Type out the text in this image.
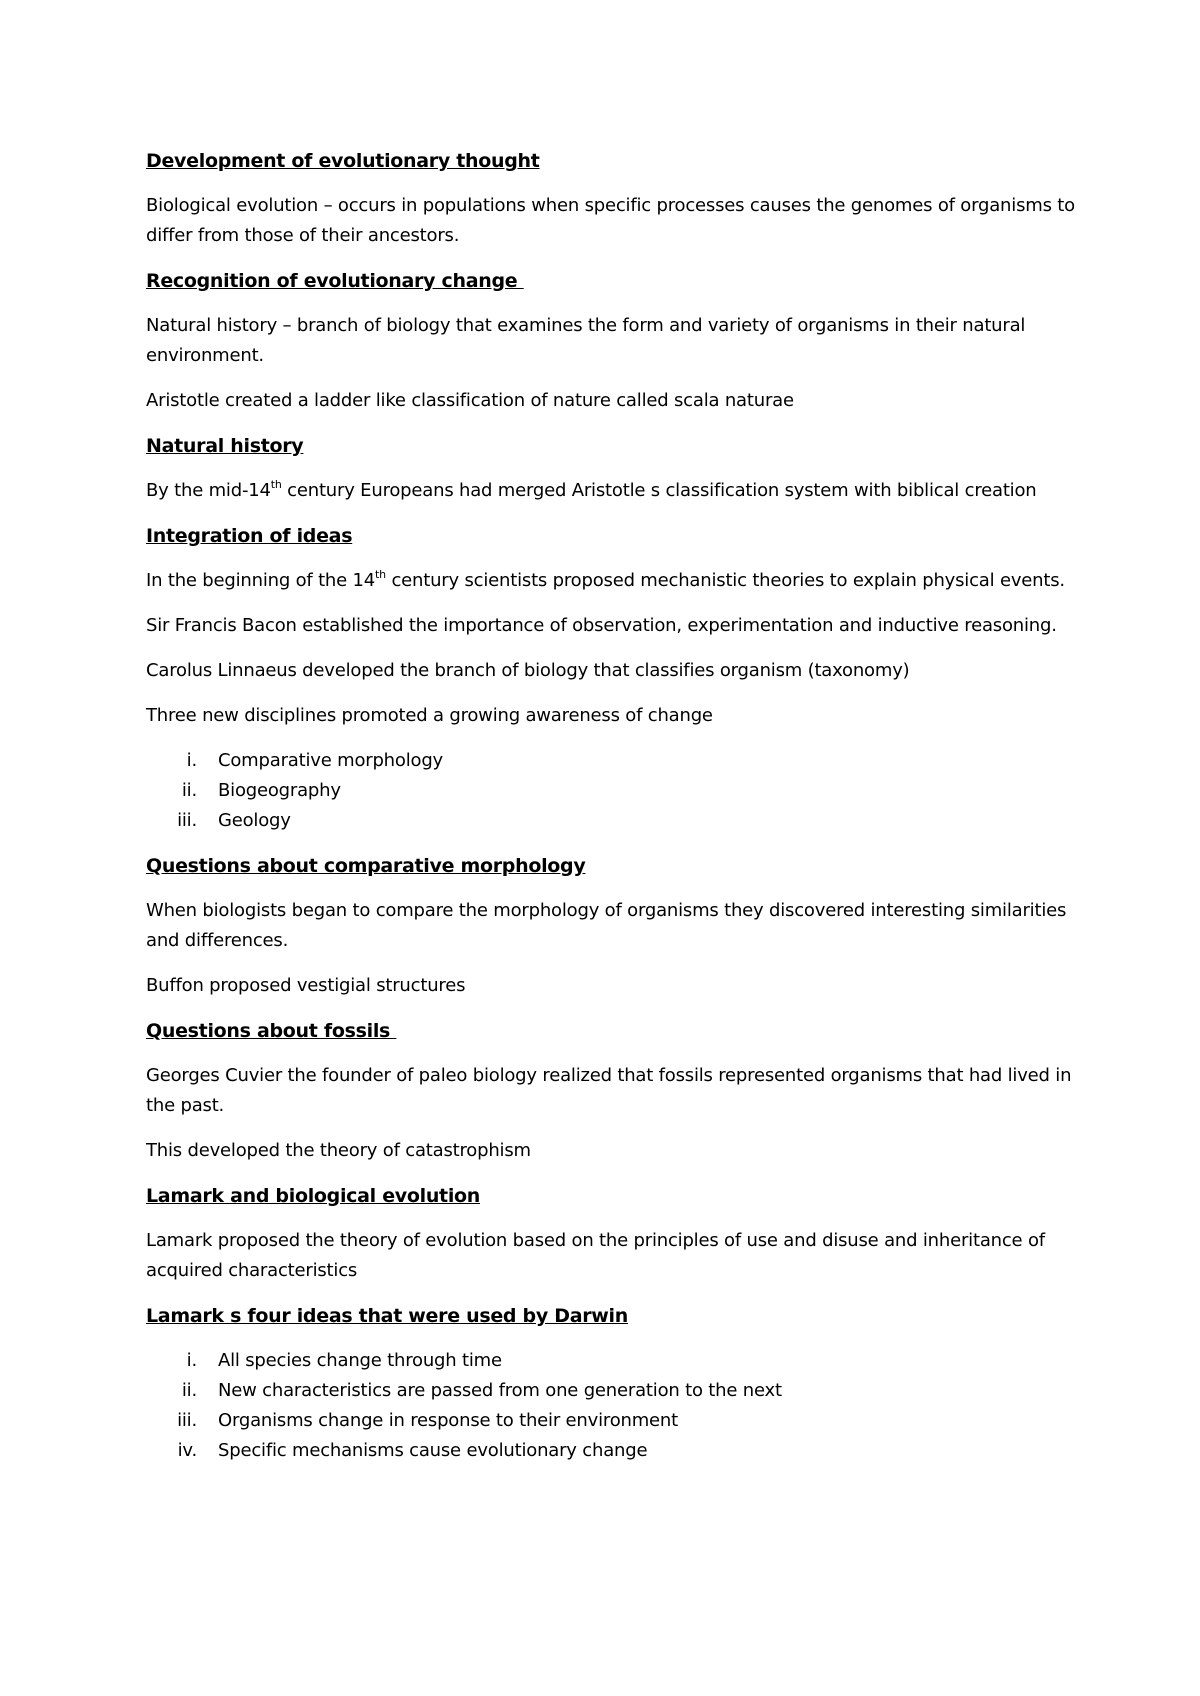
Development of evolutionary thought
Biological evolution – occurs in populations when specific processes causes the genomes of organisms to differ from those of their ancestors.
Recognition of evolutionary change
Natural history – branch of biology that examines the form and variety of organisms in their natural environment.
Aristotle created a ladder like classification of nature called scala naturae
Natural history
By the mid-14th century Europeans had merged Aristotle s classification system with biblical creation
Integration of ideas
In the beginning of the 14th century scientists proposed mechanistic theories to explain physical events.
Sir Francis Bacon established the importance of observation, experimentation and inductive reasoning.
Carolus Linnaeus developed the branch of biology that classifies organism (taxonomy)
Three new disciplines promoted a growing awareness of change
i.	Comparative morphology
ii.	Biogeography
iii.	Geology
Questions about comparative morphology
When biologists began to compare the morphology of organisms they discovered interesting similarities and differences.
Buffon proposed vestigial structures
Questions about fossils
Georges Cuvier the founder of paleo biology realized that fossils represented organisms that had lived in the past.
This developed the theory of catastrophism
Lamark and biological evolution
Lamark proposed the theory of evolution based on the principles of use and disuse and inheritance of acquired characteristics
Lamark s four ideas that were used by Darwin
i.	All species change through time
ii.	New characteristics are passed from one generation to the next
iii.	Organisms change in response to their environment
iv.	Specific mechanisms cause evolutionary change
